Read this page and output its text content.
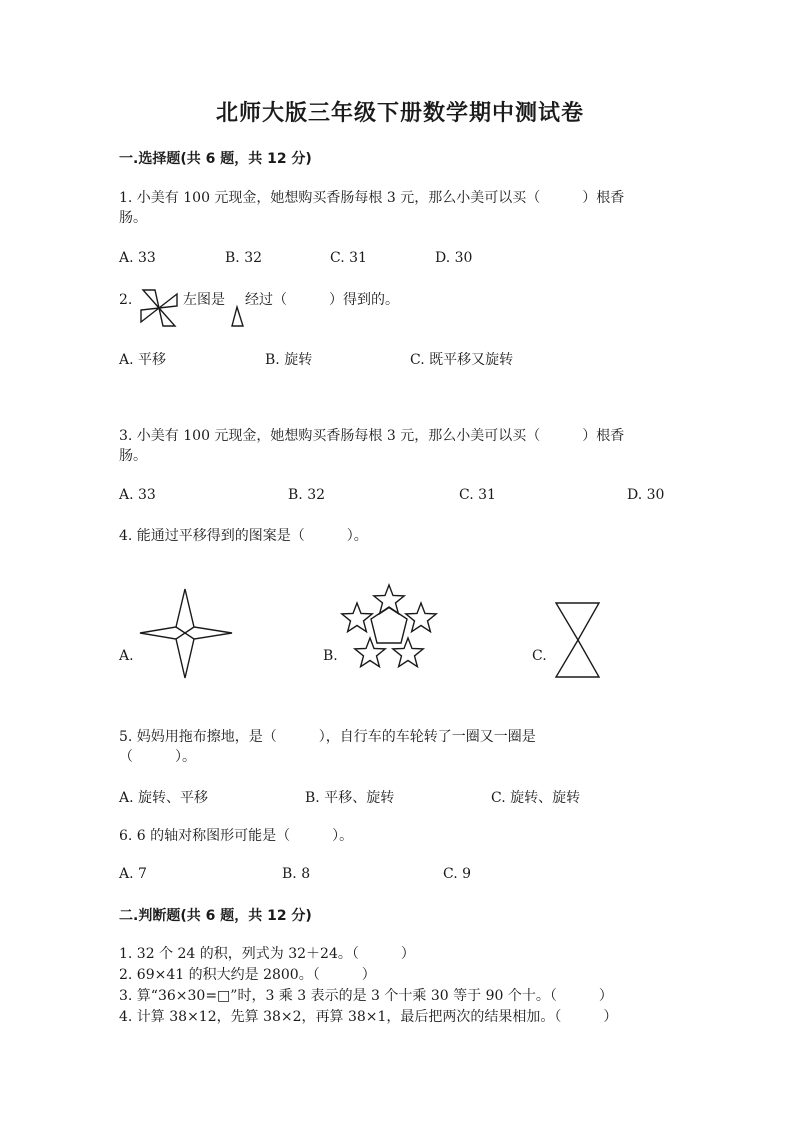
北师大版三年级下册数学期中测试卷
一.选择题(共 6 题，共 12 分)
1. 小美有 100 元现金，她想购买香肠每根 3 元，那么小美可以买（　　　）根香
肠。
A. 33	B. 32	C. 31	D. 30
2.	左图是 经过（　　　）得到的。
A. 平移	B. 旋转	C. 既平移又旋转
3. 小美有 100 元现金，她想购买香肠每根 3 元，那么小美可以买（　　　）根香
肠。
A. 33	B. 32	C. 31	D. 30
4. 能通过平移得到的图案是（　　　）。
A.	B.	C.
5. 妈妈用拖布擦地，是（　　　），自行车的车轮转了一圈又一圈是
（　　　）。
A. 旋转、平移	B. 平移、旋转	C. 旋转、旋转
6. 6 的轴对称图形可能是（　　　）。
A. 7	B. 8	C. 9
二.判断题(共 6 题，共 12 分)
1. 32 个 24 的积，列式为 32＋24。（　　　）
2. 69×41 的积大约是 2800。（　　　）
3. 算“36×30=□”时，3 乘 3 表示的是 3 个十乘 30 等于 90 个十。（　　　）
4. 计算 38×12，先算 38×2，再算 38×1，最后把两次的结果相加。（　　　）
